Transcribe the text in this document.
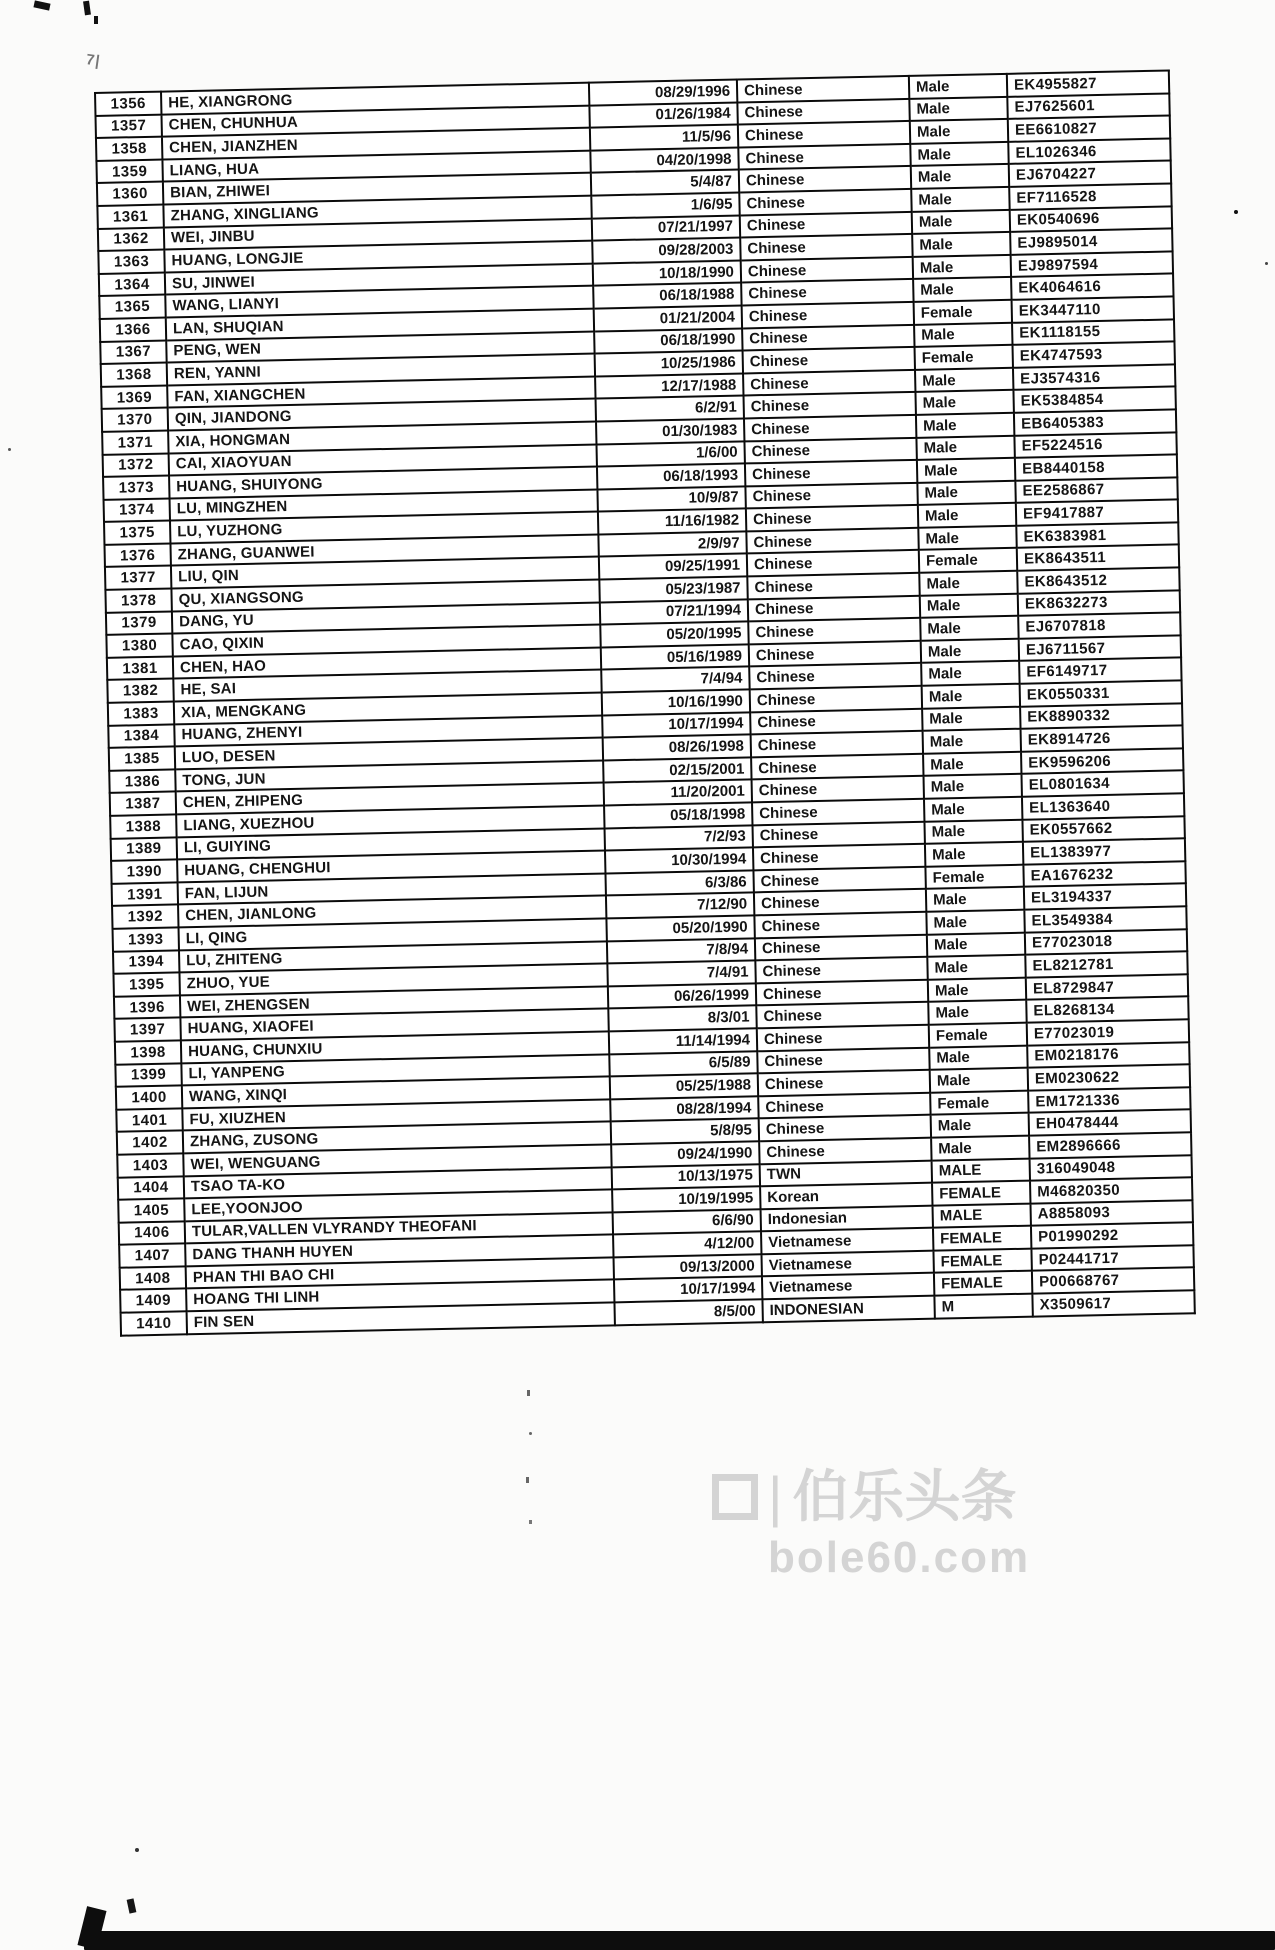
7|
1356	HE, XIANGRONG	08/29/1996	Chinese	Male	EK4955827
1357	CHEN, CHUNHUA	01/26/1984	Chinese	Male	EJ7625601
1358	CHEN, JIANZHEN	11/5/96	Chinese	Male	EE6610827
1359	LIANG, HUA	04/20/1998	Chinese	Male	EL1026346
1360	BIAN, ZHIWEI	5/4/87	Chinese	Male	EJ6704227
1361	ZHANG, XINGLIANG	1/6/95	Chinese	Male	EF7116528
1362	WEI, JINBU	07/21/1997	Chinese	Male	EK0540696
1363	HUANG, LONGJIE	09/28/2003	Chinese	Male	EJ9895014
1364	SU, JINWEI	10/18/1990	Chinese	Male	EJ9897594
1365	WANG, LIANYI	06/18/1988	Chinese	Male	EK4064616
1366	LAN, SHUQIAN	01/21/2004	Chinese	Female	EK3447110
1367	PENG, WEN	06/18/1990	Chinese	Male	EK1118155
1368	REN, YANNI	10/25/1986	Chinese	Female	EK4747593
1369	FAN, XIANGCHEN	12/17/1988	Chinese	Male	EJ3574316
1370	QIN, JIANDONG	6/2/91	Chinese	Male	EK5384854
1371	XIA, HONGMAN	01/30/1983	Chinese	Male	EB6405383
1372	CAI, XIAOYUAN	1/6/00	Chinese	Male	EF5224516
1373	HUANG, SHUIYONG	06/18/1993	Chinese	Male	EB8440158
1374	LU, MINGZHEN	10/9/87	Chinese	Male	EE2586867
1375	LU, YUZHONG	11/16/1982	Chinese	Male	EF9417887
1376	ZHANG, GUANWEI	2/9/97	Chinese	Male	EK6383981
1377	LIU, QIN	09/25/1991	Chinese	Female	EK8643511
1378	QU, XIANGSONG	05/23/1987	Chinese	Male	EK8643512
1379	DANG, YU	07/21/1994	Chinese	Male	EK8632273
1380	CAO, QIXIN	05/20/1995	Chinese	Male	EJ6707818
1381	CHEN, HAO	05/16/1989	Chinese	Male	EJ6711567
1382	HE, SAI	7/4/94	Chinese	Male	EF6149717
1383	XIA, MENGKANG	10/16/1990	Chinese	Male	EK0550331
1384	HUANG, ZHENYI	10/17/1994	Chinese	Male	EK8890332
1385	LUO, DESEN	08/26/1998	Chinese	Male	EK8914726
1386	TONG, JUN	02/15/2001	Chinese	Male	EK9596206
1387	CHEN, ZHIPENG	11/20/2001	Chinese	Male	EL0801634
1388	LIANG, XUEZHOU	05/18/1998	Chinese	Male	EL1363640
1389	LI, GUIYING	7/2/93	Chinese	Male	EK0557662
1390	HUANG, CHENGHUI	10/30/1994	Chinese	Male	EL1383977
1391	FAN, LIJUN	6/3/86	Chinese	Female	EA1676232
1392	CHEN, JIANLONG	7/12/90	Chinese	Male	EL3194337
1393	LI, QING	05/20/1990	Chinese	Male	EL3549384
1394	LU, ZHITENG	7/8/94	Chinese	Male	E77023018
1395	ZHUO, YUE	7/4/91	Chinese	Male	EL8212781
1396	WEI, ZHENGSEN	06/26/1999	Chinese	Male	EL8729847
1397	HUANG, XIAOFEI	8/3/01	Chinese	Male	EL8268134
1398	HUANG, CHUNXIU	11/14/1994	Chinese	Female	E77023019
1399	LI, YANPENG	6/5/89	Chinese	Male	EM0218176
1400	WANG, XINQI	05/25/1988	Chinese	Male	EM0230622
1401	FU, XIUZHEN	08/28/1994	Chinese	Female	EM1721336
1402	ZHANG, ZUSONG	5/8/95	Chinese	Male	EH0478444
1403	WEI, WENGUANG	09/24/1990	Chinese	Male	EM2896666
1404	TSAO TA-KO	10/13/1975	TWN	MALE	316049048
1405	LEE,YOONJOO	10/19/1995	Korean	FEMALE	M46820350
1406	TULAR,VALLEN VLYRANDY THEOFANI	6/6/90	Indonesian	MALE	A8858093
1407	DANG THANH HUYEN	4/12/00	Vietnamese	FEMALE	P01990292
1408	PHAN THI BAO CHI	09/13/2000	Vietnamese	FEMALE	P02441717
1409	HOANG THI LINH	10/17/1994	Vietnamese	FEMALE	P00668767
1410	FIN SEN	8/5/00	INDONESIAN	M	X3509617
| 伯乐头条
bole60.com
